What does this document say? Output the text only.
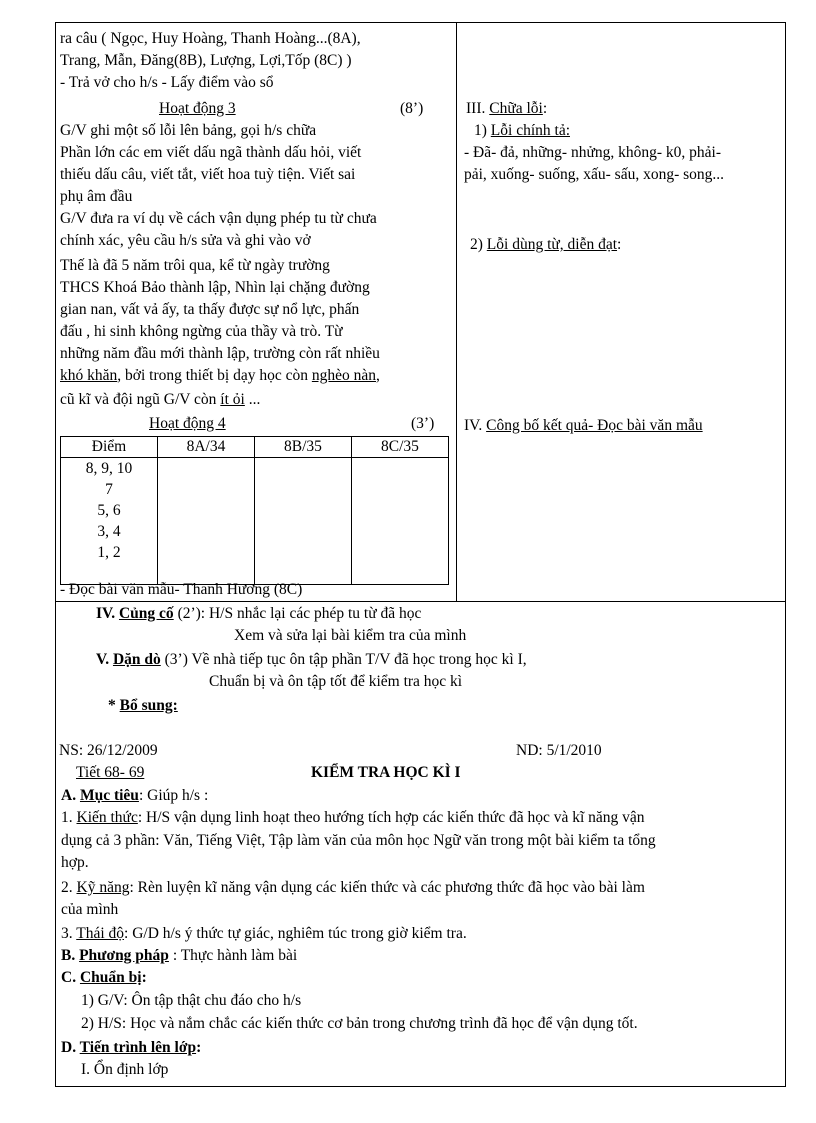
ra câu ( Ngọc, Huy Hoàng, Thanh Hoàng...(8A),
Trang, Mẫn, Đăng(8B), Lượng, Lợi,Tốp (8C) )
- Trả vở cho h/s - Lấy điểm vào sổ
Hoạt động 3	(8’)
G/V ghi một số lỗi lên bảng, gọi h/s chữa
Phần lớn các em viết dấu ngã thành dấu hỏi, viết
thiếu dấu câu, viết tắt, viết hoa tuỳ tiện. Viết sai
phụ âm đầu
G/V đưa ra ví dụ về cách vận dụng phép tu từ chưa
chính xác, yêu cầu h/s sửa và ghi vào vở
Thế là đã 5 năm trôi qua, kể từ ngày trường
THCS Khoá Bảo thành lập, Nhìn lại chặng đường
gian nan, vất vả ấy, ta thấy được sự nổ lực, phấn
đấu , hi sinh không ngừng của thầy và trò. Từ
những năm đầu mới thành lập, trường còn rất nhiều
khó khăn, bởi trong thiết bị dạy học còn nghèo nàn,
cũ kĩ và đội ngũ G/V còn ít ỏi ...
Hoạt động 4	(3’)
Điểm	8A/34	8B/35	8C/35

8, 9, 10
7
5, 6
3, 4
1, 2			

- Đọc bài văn mẫu- Thanh Hương (8C)
III. Chữa lỗi:
1) Lỗi chính tả:
- Đã- đả, những- nhửng, không- k0, phải-
pải, xuống- suống, xấu- sấu, xong- song...
2) Lỗi dùng từ, diễn đạt:
IV. Công bố kết quả- Đọc bài văn mẫu
IV. Củng cố (2’): H/S nhắc lại các phép tu từ đã học
Xem và sửa lại bài kiểm tra của mình
V. Dặn dò (3’) Về nhà tiếp tục ôn tập phần T/V đã học trong học kì I,
Chuẩn bị và ôn tập tốt để kiểm tra học kì
* Bổ sung:
NS: 26/12/2009	ND: 5/1/2010
Tiết 68- 69	KIỂM TRA HỌC KÌ I
A. Mục tiêu: Giúp h/s :
1. Kiến thức: H/S vận dụng linh hoạt theo hướng tích hợp các kiến thức đã học và kĩ năng vận
dụng cả 3 phần: Văn, Tiếng Việt, Tập làm văn của môn học Ngữ văn trong một bài kiểm ta tổng
hợp.
2. Kỹ năng: Rèn luyện kĩ năng vận dụng các kiến thức và các phương thức đã học vào bài làm
của mình
3. Thái độ: G/D h/s ý thức tự giác, nghiêm túc trong giờ kiểm tra.
B. Phương pháp : Thực hành làm bài
C. Chuẩn bị:
1) G/V: Ôn tập thật chu đáo cho h/s
2) H/S: Học và nắm chắc các kiến thức cơ bản trong chương trình đã học để vận dụng tốt.
D. Tiến trình lên lớp:
I. Ổn định lớp
